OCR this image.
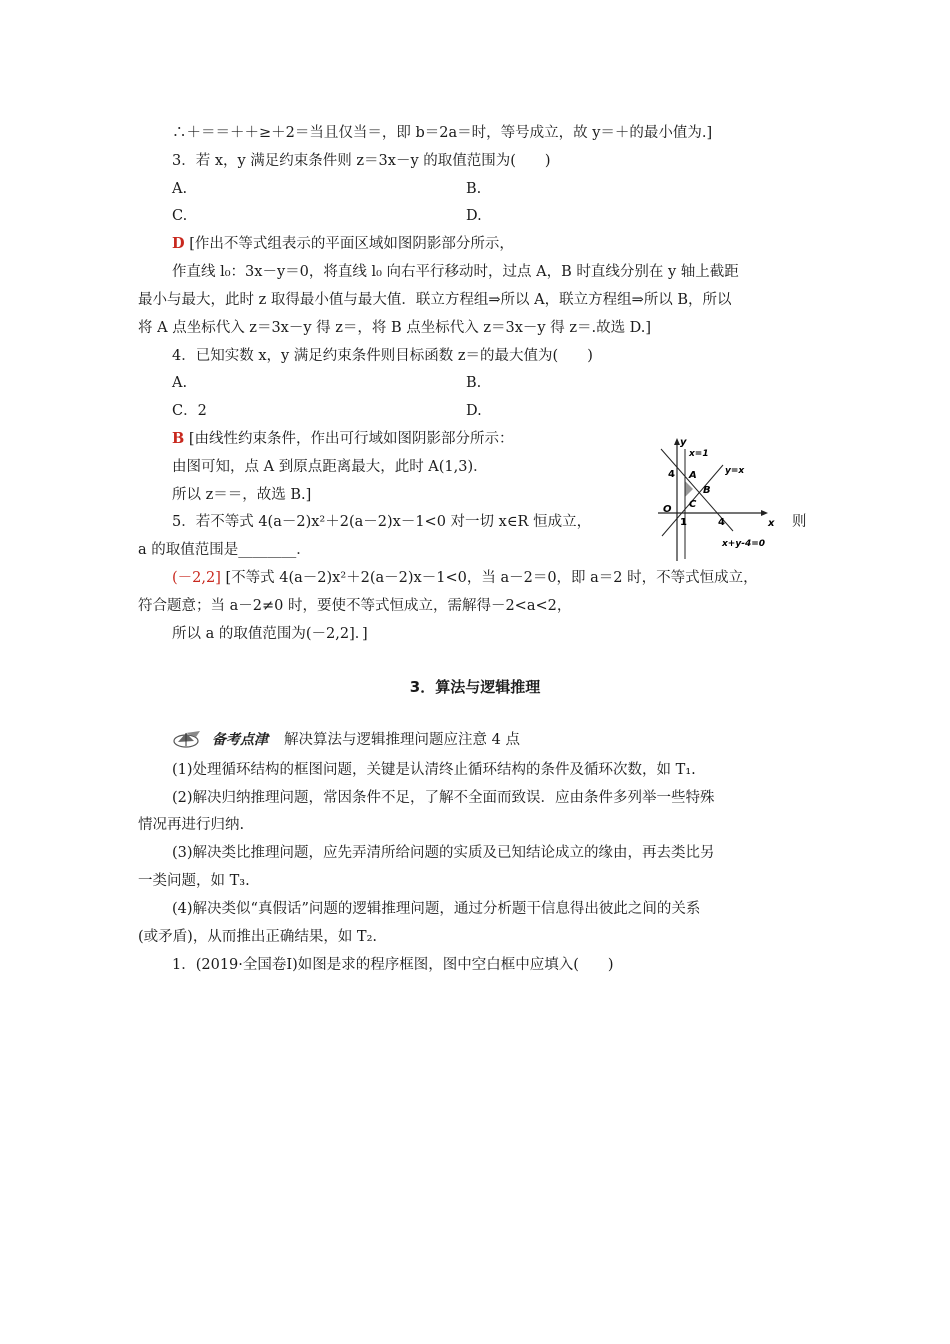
∴＋＝＝＋＋≥＋2＝当且仅当＝，即 b＝2a＝时，等号成立，故 y＝＋的最小值为.]
3．若 x，y 满足约束条件则 z＝3x－y 的取值范围为(　　)
A.	B.
C.	D.
D [作出不等式组表示的平面区域如图阴影部分所示，
作直线 l₀：3x－y＝0，将直线 l₀ 向右平行移动时，过点 A，B 时直线分别在 y 轴上截距
最小与最大，此时 z 取得最小值与最大值．联立方程组⇒所以 A，联立方程组⇒所以 B，所以
将 A 点坐标代入 z＝3x－y 得 z＝，将 B 点坐标代入 z＝3x－y 得 z＝.故选 D.]
4．已知实数 x，y 满足约束条件则目标函数 z＝的最大值为(　　)
A.	B.
C．2	D.
B [由线性约束条件，作出可行域如图阴影部分所示：
由图可知，点 A 到原点距离最大，此时 A(1,3)．
所以 z＝＝，故选 B.]
5．若不等式 4(a－2)x²＋2(a－2)x－1<0 对一切 x∈R 恒成立，	则
a 的取值范围是________．
(－2,2] [不等式 4(a－2)x²＋2(a－2)x－1<0，当 a－2＝0，即 a＝2 时，不等式恒成立，
符合题意；当 a－2≠0 时，要使不等式恒成立，需解得－2<a<2，
所以 a 的取值范围为(－2,2]．]
y
x
O
x=1
y=x
x+y-4=0
A
B
C
4
1	4
3．算法与逻辑推理
备考点津 解决算法与逻辑推理问题应注意 4 点
(1)处理循环结构的框图问题，关键是认清终止循环结构的条件及循环次数，如 T₁.
(2)解决归纳推理问题，常因条件不足，了解不全面而致误．应由条件多列举一些特殊
情况再进行归纳.
(3)解决类比推理问题，应先弄清所给问题的实质及已知结论成立的缘由，再去类比另
一类问题，如 T₃.
(4)解决类似“真假话”问题的逻辑推理问题，通过分析题干信息得出彼此之间的关系
(或矛盾)，从而推出正确结果，如 T₂.
1．(2019·全国卷Ⅰ)如图是求的程序框图，图中空白框中应填入(　　)
